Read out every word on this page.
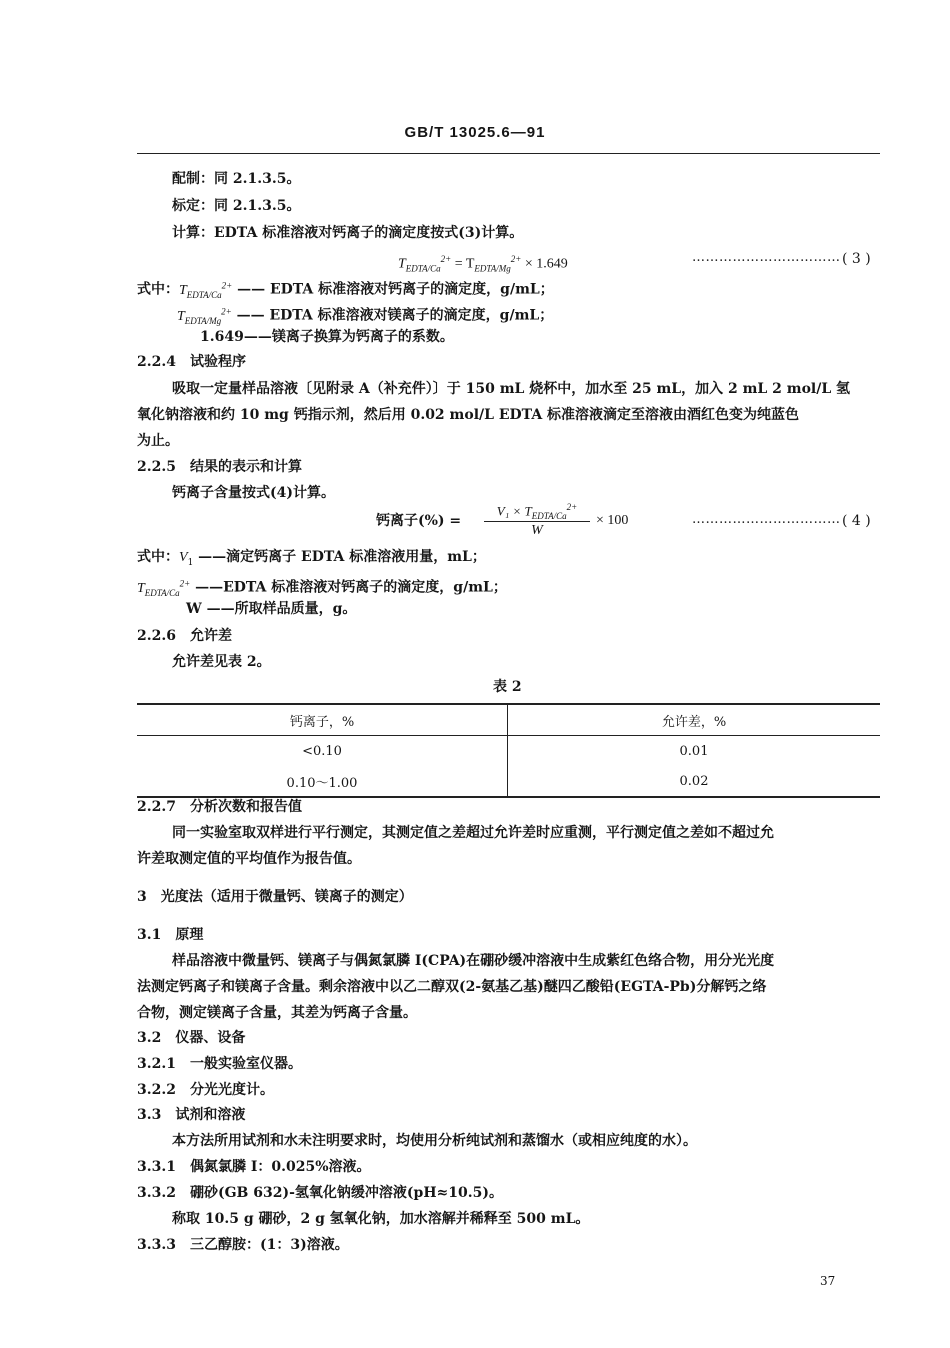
GB/T 13025.6—91
配制：同 2.1.3.5。
标定：同 2.1.3.5。
计算：EDTA 标准溶液对钙离子的滴定度按式(3)计算。
$T_{EDTA/Ca}^{2+} = T_{EDTA/Mg}^{2+} \times 1.649$	…………………………… ( 3 )
式中：$T_{EDTA/Ca}^{2+}$ —— EDTA 标准溶液对钙离子的滴定度，g/mL；
$T_{EDTA/Mg}^{2+}$ —— EDTA 标准溶液对镁离子的滴定度，g/mL；
1.649——镁离子换算为钙离子的系数。
2.2.4　试验程序
吸取一定量样品溶液〔见附录 A（补充件）〕于 150 mL 烧杯中，加水至 25 mL，加入 2 mL 2 mol/L 氢
氧化钠溶液和约 10 mg 钙指示剂，然后用 0.02 mol/L EDTA 标准溶液滴定至溶液由酒红色变为纯蓝色
为止。
2.2.5　结果的表示和计算
钙离子含量按式(4)计算。
钙离子(%) =
$V_1 \times T_{EDTA/Ca}^{2+}$
W
× 100	…………………………… ( 4 )
式中：$V_1$ ——滴定钙离子 EDTA 标准溶液用量，mL；
$T_{EDTA/Ca}^{2+}$ ——EDTA 标准溶液对钙离子的滴定度，g/mL；
W ——所取样品质量，g。
2.2.6　允许差
允许差见表 2。
表 2
钙离子，%	允许差，%
<0.10	0.01
0.10～1.00	0.02
2.2.7　分析次数和报告值
同一实验室取双样进行平行测定，其测定值之差超过允许差时应重测，平行测定值之差如不超过允
许差取测定值的平均值作为报告值。
3　光度法（适用于微量钙、镁离子的测定）
3.1　原理
样品溶液中微量钙、镁离子与偶氮氯膦 I(CPA)在硼砂缓冲溶液中生成紫红色络合物，用分光光度
法测定钙离子和镁离子含量。剩余溶液中以乙二醇双(2-氨基乙基)醚四乙酸铅(EGTA-Pb)分解钙之络
合物，测定镁离子含量，其差为钙离子含量。
3.2　仪器、设备
3.2.1　一般实验室仪器。
3.2.2　分光光度计。
3.3　试剂和溶液
本方法所用试剂和水未注明要求时，均使用分析纯试剂和蒸馏水（或相应纯度的水）。
3.3.1　偶氮氯膦 I：0.025%溶液。
3.3.2　硼砂(GB 632)-氢氧化钠缓冲溶液(pH≈10.5)。
称取 10.5 g 硼砂，2 g 氢氧化钠，加水溶解并稀释至 500 mL。
3.3.3　三乙醇胺：(1：3)溶液。
37
